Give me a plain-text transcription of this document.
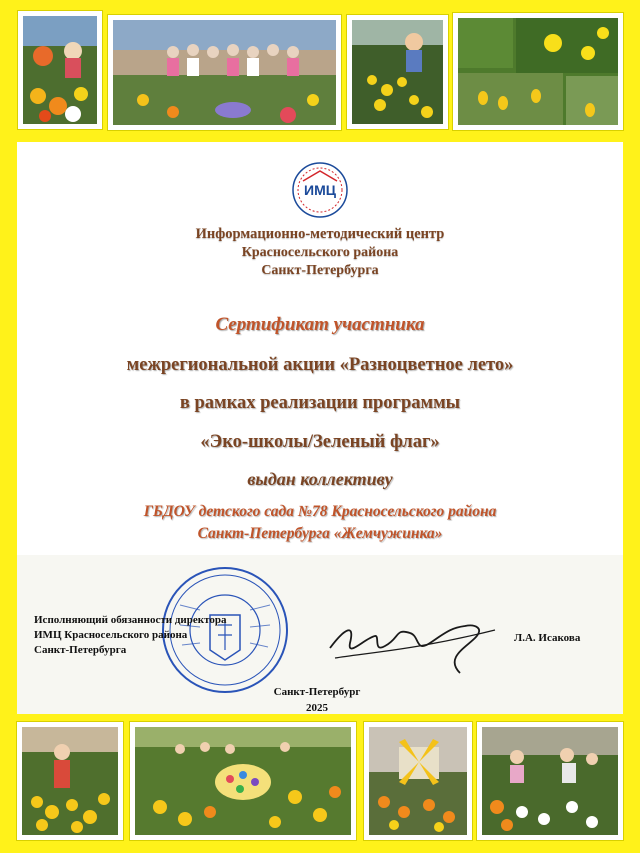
ИМЦ
Информационно-методический центр
Красносельского района
Санкт-Петербурга
Сертификат участника
межрегиональной акции «Разноцветное лето»
в рамках реализации программы
«Эко-школы/Зеленый флаг»
выдан коллективу
ГБДОУ детского сада №78 Красносельского района
Санкт-Петербурга «Жемчужинка»
Исполняющий обязанности директора
ИМЦ Красносельского района
Санкт-Петербурга
Л.А. Исакова
Санкт-Петербург
2025
